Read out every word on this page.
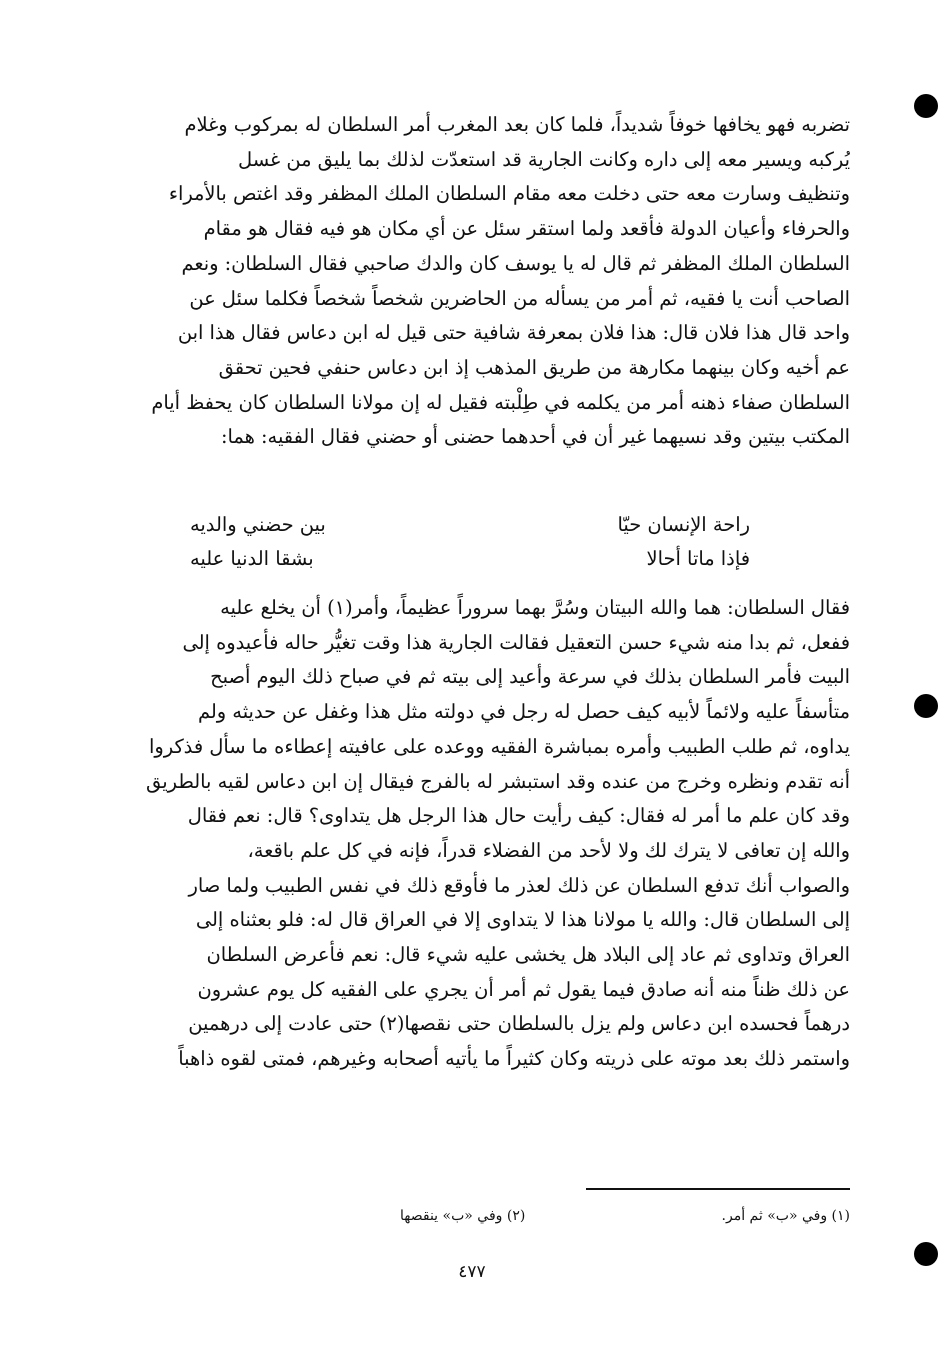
تضربه فهو يخافها خوفاً شديداً، فلما كان بعد المغرب أمر السلطان له بمركوب وغلام
يُركبه ويسير معه إلى داره وكانت الجارية قد استعدّت لذلك بما يليق من غسل
وتنظيف وسارت معه حتى دخلت معه مقام السلطان الملك المظفر وقد اغتص بالأمراء
والحرفاء وأعيان الدولة فأقعد ولما استقر سئل عن أي مكان هو فيه فقال هو مقام
السلطان الملك المظفر ثم قال له يا يوسف كان والدك صاحبي فقال السلطان: ونعم
الصاحب أنت يا فقيه، ثم أمر من يسأله من الحاضرين شخصاً شخصاً فكلما سئل عن
واحد قال هذا فلان قال: هذا فلان بمعرفة شافية حتى قيل له ابن دعاس فقال هذا ابن
عم أخيه وكان بينهما مكارهة من طريق المذهب إذ ابن دعاس حنفي فحين تحقق
السلطان صفاء ذهنه أمر من يكلمه في طِلْبته فقيل له إن مولانا السلطان كان يحفظ أيام
المكتب بيتين وقد نسيهما غير أن في أحدهما حضنى أو حضني فقال الفقيه: هما:
راحة الإنسان حيّا
بين حضني والديه
فإذا ماتا أحالا
بشقا الدنيا عليه
فقال السلطان: هما والله البيتان وسُرَّ بهما سروراً عظيماً، وأمر(١) أن يخلع عليه
ففعل، ثم بدا منه شيء حسن التعقيل فقالت الجارية هذا وقت تغيُّر حاله فأعيدوه إلى
البيت فأمر السلطان بذلك في سرعة وأعيد إلى بيته ثم في صباح ذلك اليوم أصبح
متأسفاً عليه ولائماً لأبيه كيف حصل له رجل في دولته مثل هذا وغفل عن حديثه ولم
يداوه، ثم طلب الطبيب وأمره بمباشرة الفقيه ووعده على عافيته إعطاءه ما سأل فذكروا
أنه تقدم ونظره وخرج من عنده وقد استبشر له بالفرج فيقال إن ابن دعاس لقيه بالطريق
وقد كان علم ما أمر له فقال: كيف رأيت حال هذا الرجل هل يتداوى؟ قال: نعم فقال
والله إن تعافى لا يترك لك ولا لأحد من الفضلاء قدراً، فإنه في كل علم باقعة،
والصواب أنك تدفع السلطان عن ذلك لعذر ما فأوقع ذلك في نفس الطبيب ولما صار
إلى السلطان قال: والله يا مولانا هذا لا يتداوى إلا في العراق قال له: فلو بعثناه إلى
العراق وتداوى ثم عاد إلى البلاد هل يخشى عليه شيء قال: نعم فأعرض السلطان
عن ذلك ظناً منه أنه صادق فيما يقول ثم أمر أن يجري على الفقيه كل يوم عشرون
درهماً فحسده ابن دعاس ولم يزل بالسلطان حتى نقصها(٢) حتى عادت إلى درهمين
واستمر ذلك بعد موته على ذريته وكان كثيراً ما يأتيه أصحابه وغيرهم، فمتى لقوه ذاهباً
(١) وفي «ب» ثم أمر.
(٢) وفي «ب» ينقصها
٤٧٧
